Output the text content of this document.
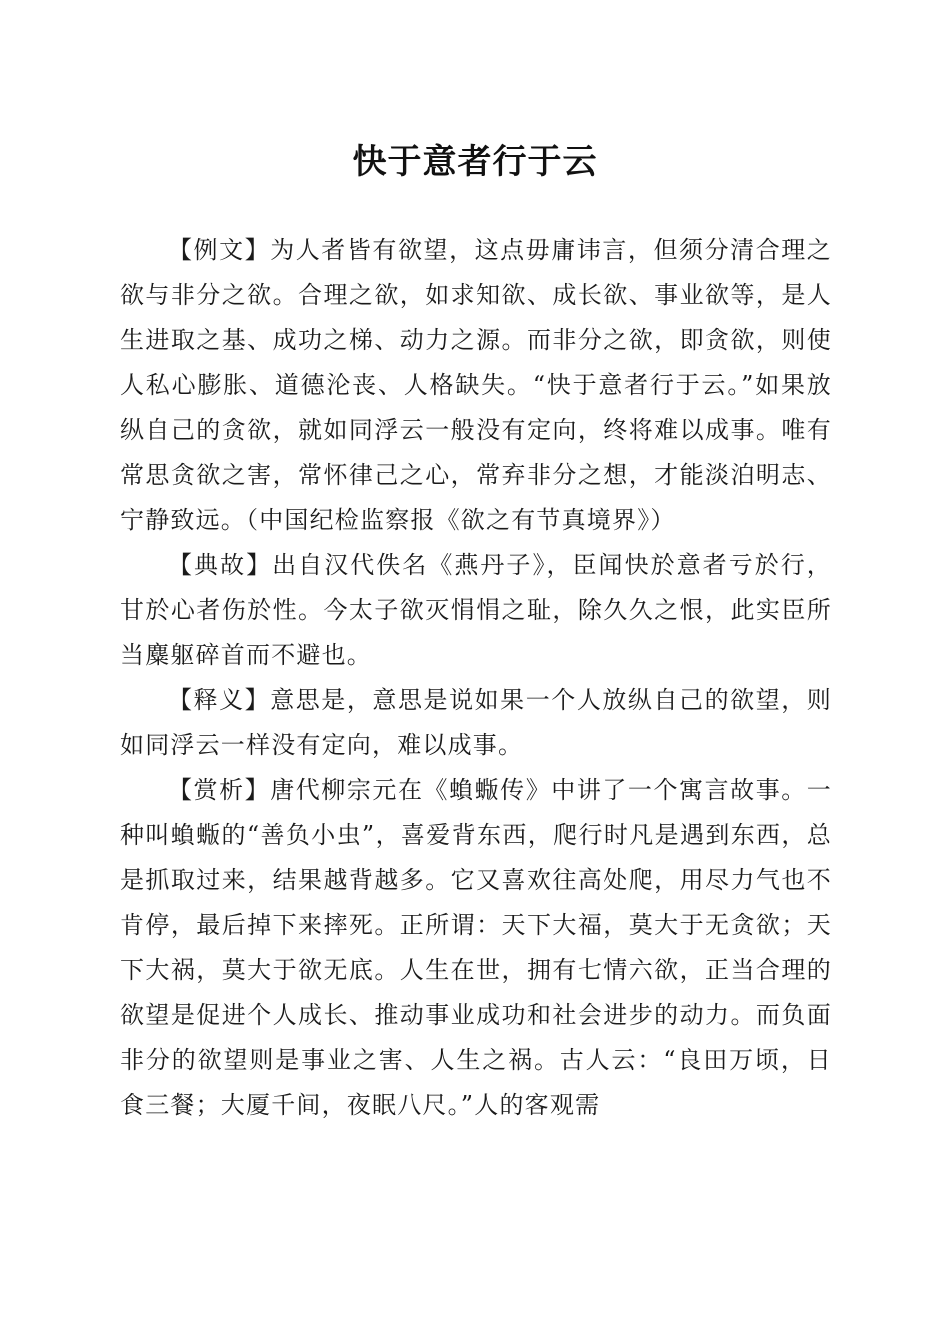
快于意者行于云

【例文】为人者皆有欲望，这点毋庸讳言，但须分清合理之欲与非分之欲。合理之欲，如求知欲、成长欲、事业欲等，是人生进取之基、成功之梯、动力之源。而非分之欲，即贪欲，则使人私心膨胀、道德沦丧、人格缺失。“快于意者行于云。”如果放纵自己的贪欲，就如同浮云一般没有定向，终将难以成事。唯有常思贪欲之害，常怀律己之心，常弃非分之想，才能淡泊明志、宁静致远。（中国纪检监察报《欲之有节真境界》）

【典故】出自汉代佚名《燕丹子》，臣闻快於意者亏於行，甘於心者伤於性。今太子欲灭悁悁之耻，除久久之恨，此实臣所当麋躯碎首而不避也。

【释义】意思是，意思是说如果一个人放纵自己的欲望，则如同浮云一样没有定向，难以成事。

【赏析】唐代柳宗元在《蝜蝂传》中讲了一个寓言故事。一种叫蝜蝂的“善负小虫”，喜爱背东西，爬行时凡是遇到东西，总是抓取过来，结果越背越多。它又喜欢往高处爬，用尽力气也不肯停，最后掉下来摔死。正所谓：天下大福，莫大于无贪欲；天下大祸，莫大于欲无底。人生在世，拥有七情六欲，正当合理的欲望是促进个人成长、推动事业成功和社会进步的动力。而负面非分的欲望则是事业之害、人生之祸。古人云：“良田万顷，日食三餐；大厦千间，夜眠八尺。”人的客观需
